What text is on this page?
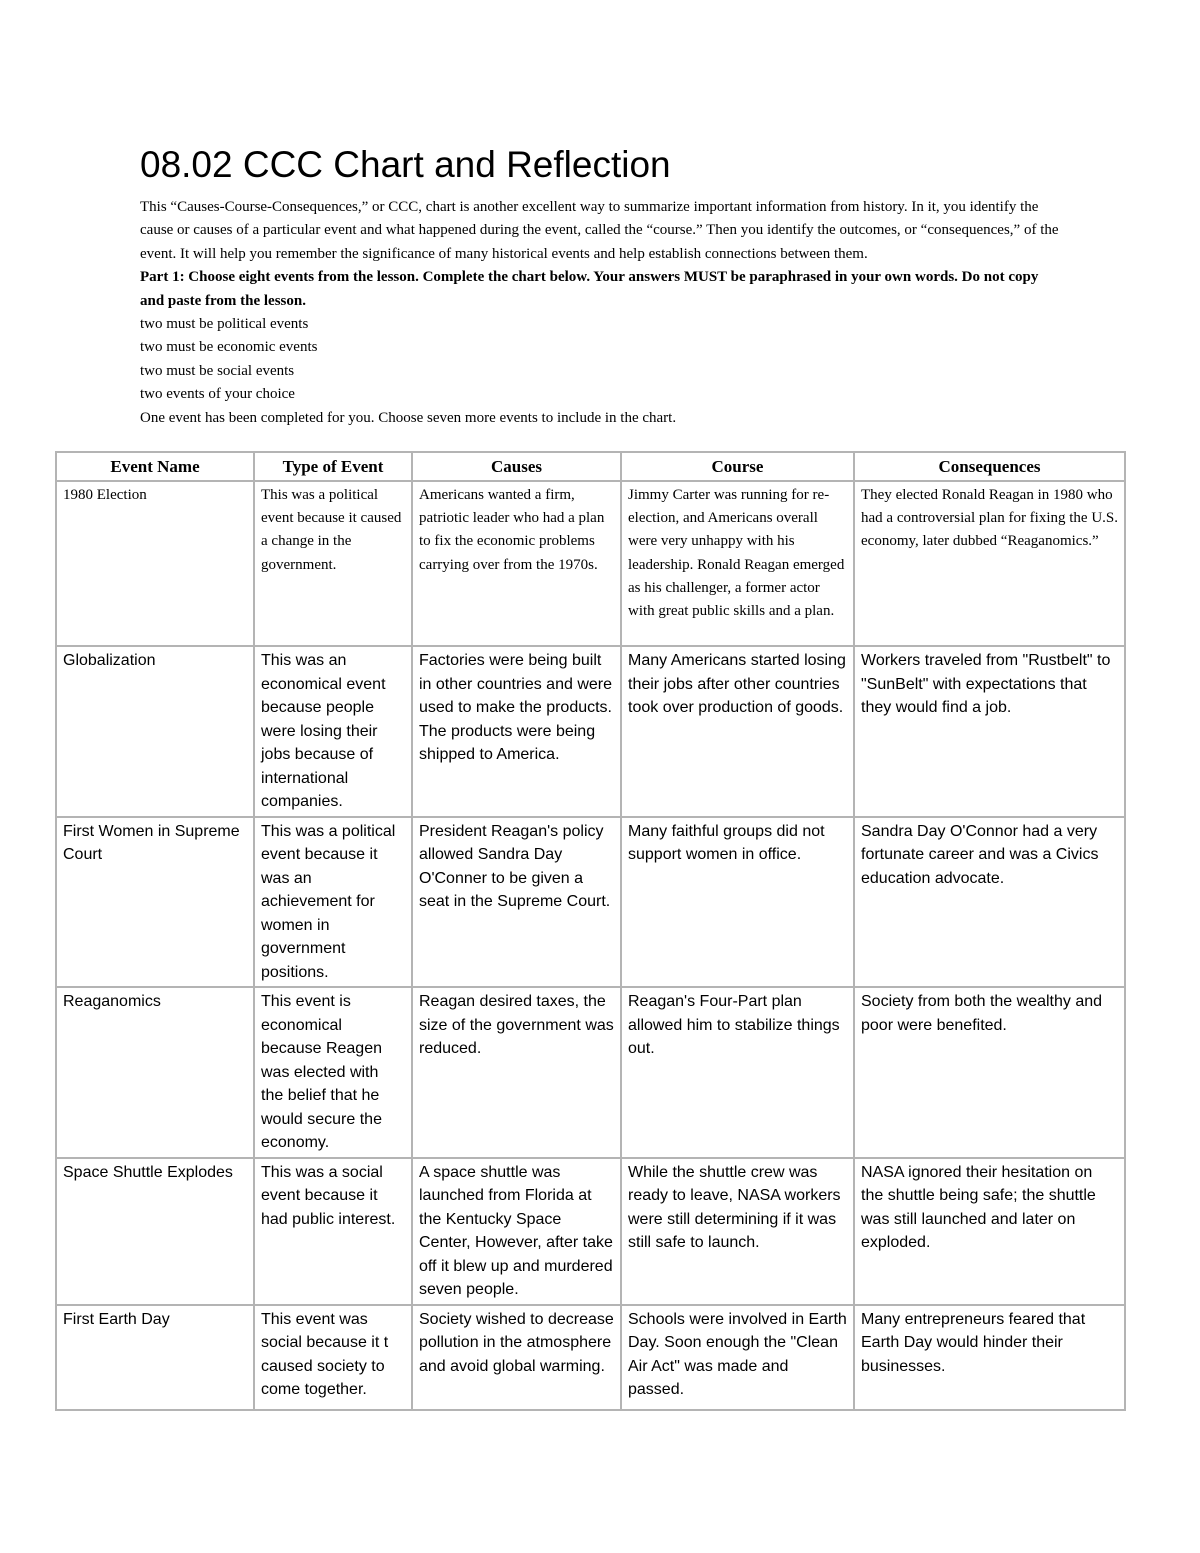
08.02 CCC Chart and Reflection

This “Causes-Course-Consequences,” or CCC, chart is another excellent way to summarize important information from history. In it, you identify the cause or causes of a particular event and what happened during the event, called the “course.” Then you identify the outcomes, or “consequences,” of the event. It will help you remember the significance of many historical events and help establish connections between them.

Part 1: Choose eight events from the lesson. Complete the chart below. Your answers MUST be paraphrased in your own words. Do not copy and paste from the lesson.

two must be political events

two must be economic events

two must be social events

two events of your choice

One event has been completed for you. Choose seven more events to include in the chart.

Event Name	Type of Event	Causes	Course	Consequences

1980 Election	This was a political event because it caused a change in the government.	Americans wanted a firm, patriotic leader who had a plan to fix the economic problems carrying over from the 1970s.	Jimmy Carter was running for re-election, and Americans overall were very unhappy with his leadership. Ronald Reagan emerged as his challenger, a former actor with great public skills and a plan.	They elected Ronald Reagan in 1980 who had a controversial plan for fixing the U.S. economy, later dubbed “Reaganomics.”

Globalization	This was an economical event because people were losing their jobs because of international companies.	Factories were being built in other countries and were used to make the products. The products were being shipped to America.	Many Americans started losing their jobs after other countries took over production of goods.	Workers traveled from "Rustbelt" to "SunBelt" with expectations that they would find a job.

First Women in Supreme Court	This was a political event because it was an achievement for women in government positions.	President Reagan's policy allowed Sandra Day O'Conner to be given a seat in the Supreme Court.	Many faithful groups did not support women in office.	Sandra Day O'Connor had a very fortunate career and was a Civics education advocate.

Reaganomics	This event is economical because Reagen was elected with the belief that he would secure the economy.	Reagan desired taxes, the size of the government was reduced.	Reagan's Four-Part plan allowed him to stabilize things out.	Society from both the wealthy and poor were benefited.

Space Shuttle Explodes	This was a social event because it had public interest.	A space shuttle was launched from Florida at the Kentucky Space Center, However, after take off it blew up and murdered seven people.	While the shuttle crew was ready to leave, NASA workers were still determining if it was still safe to launch.	NASA ignored their hesitation on the shuttle being safe; the shuttle was still launched and later on exploded.

First Earth Day	This event was social because it t caused society to come together.	Society wished to decrease pollution in the atmosphere and avoid global warming.	Schools were involved in Earth Day. Soon enough the "Clean Air Act" was made and passed.	Many entrepreneurs feared that Earth Day would hinder their businesses.
